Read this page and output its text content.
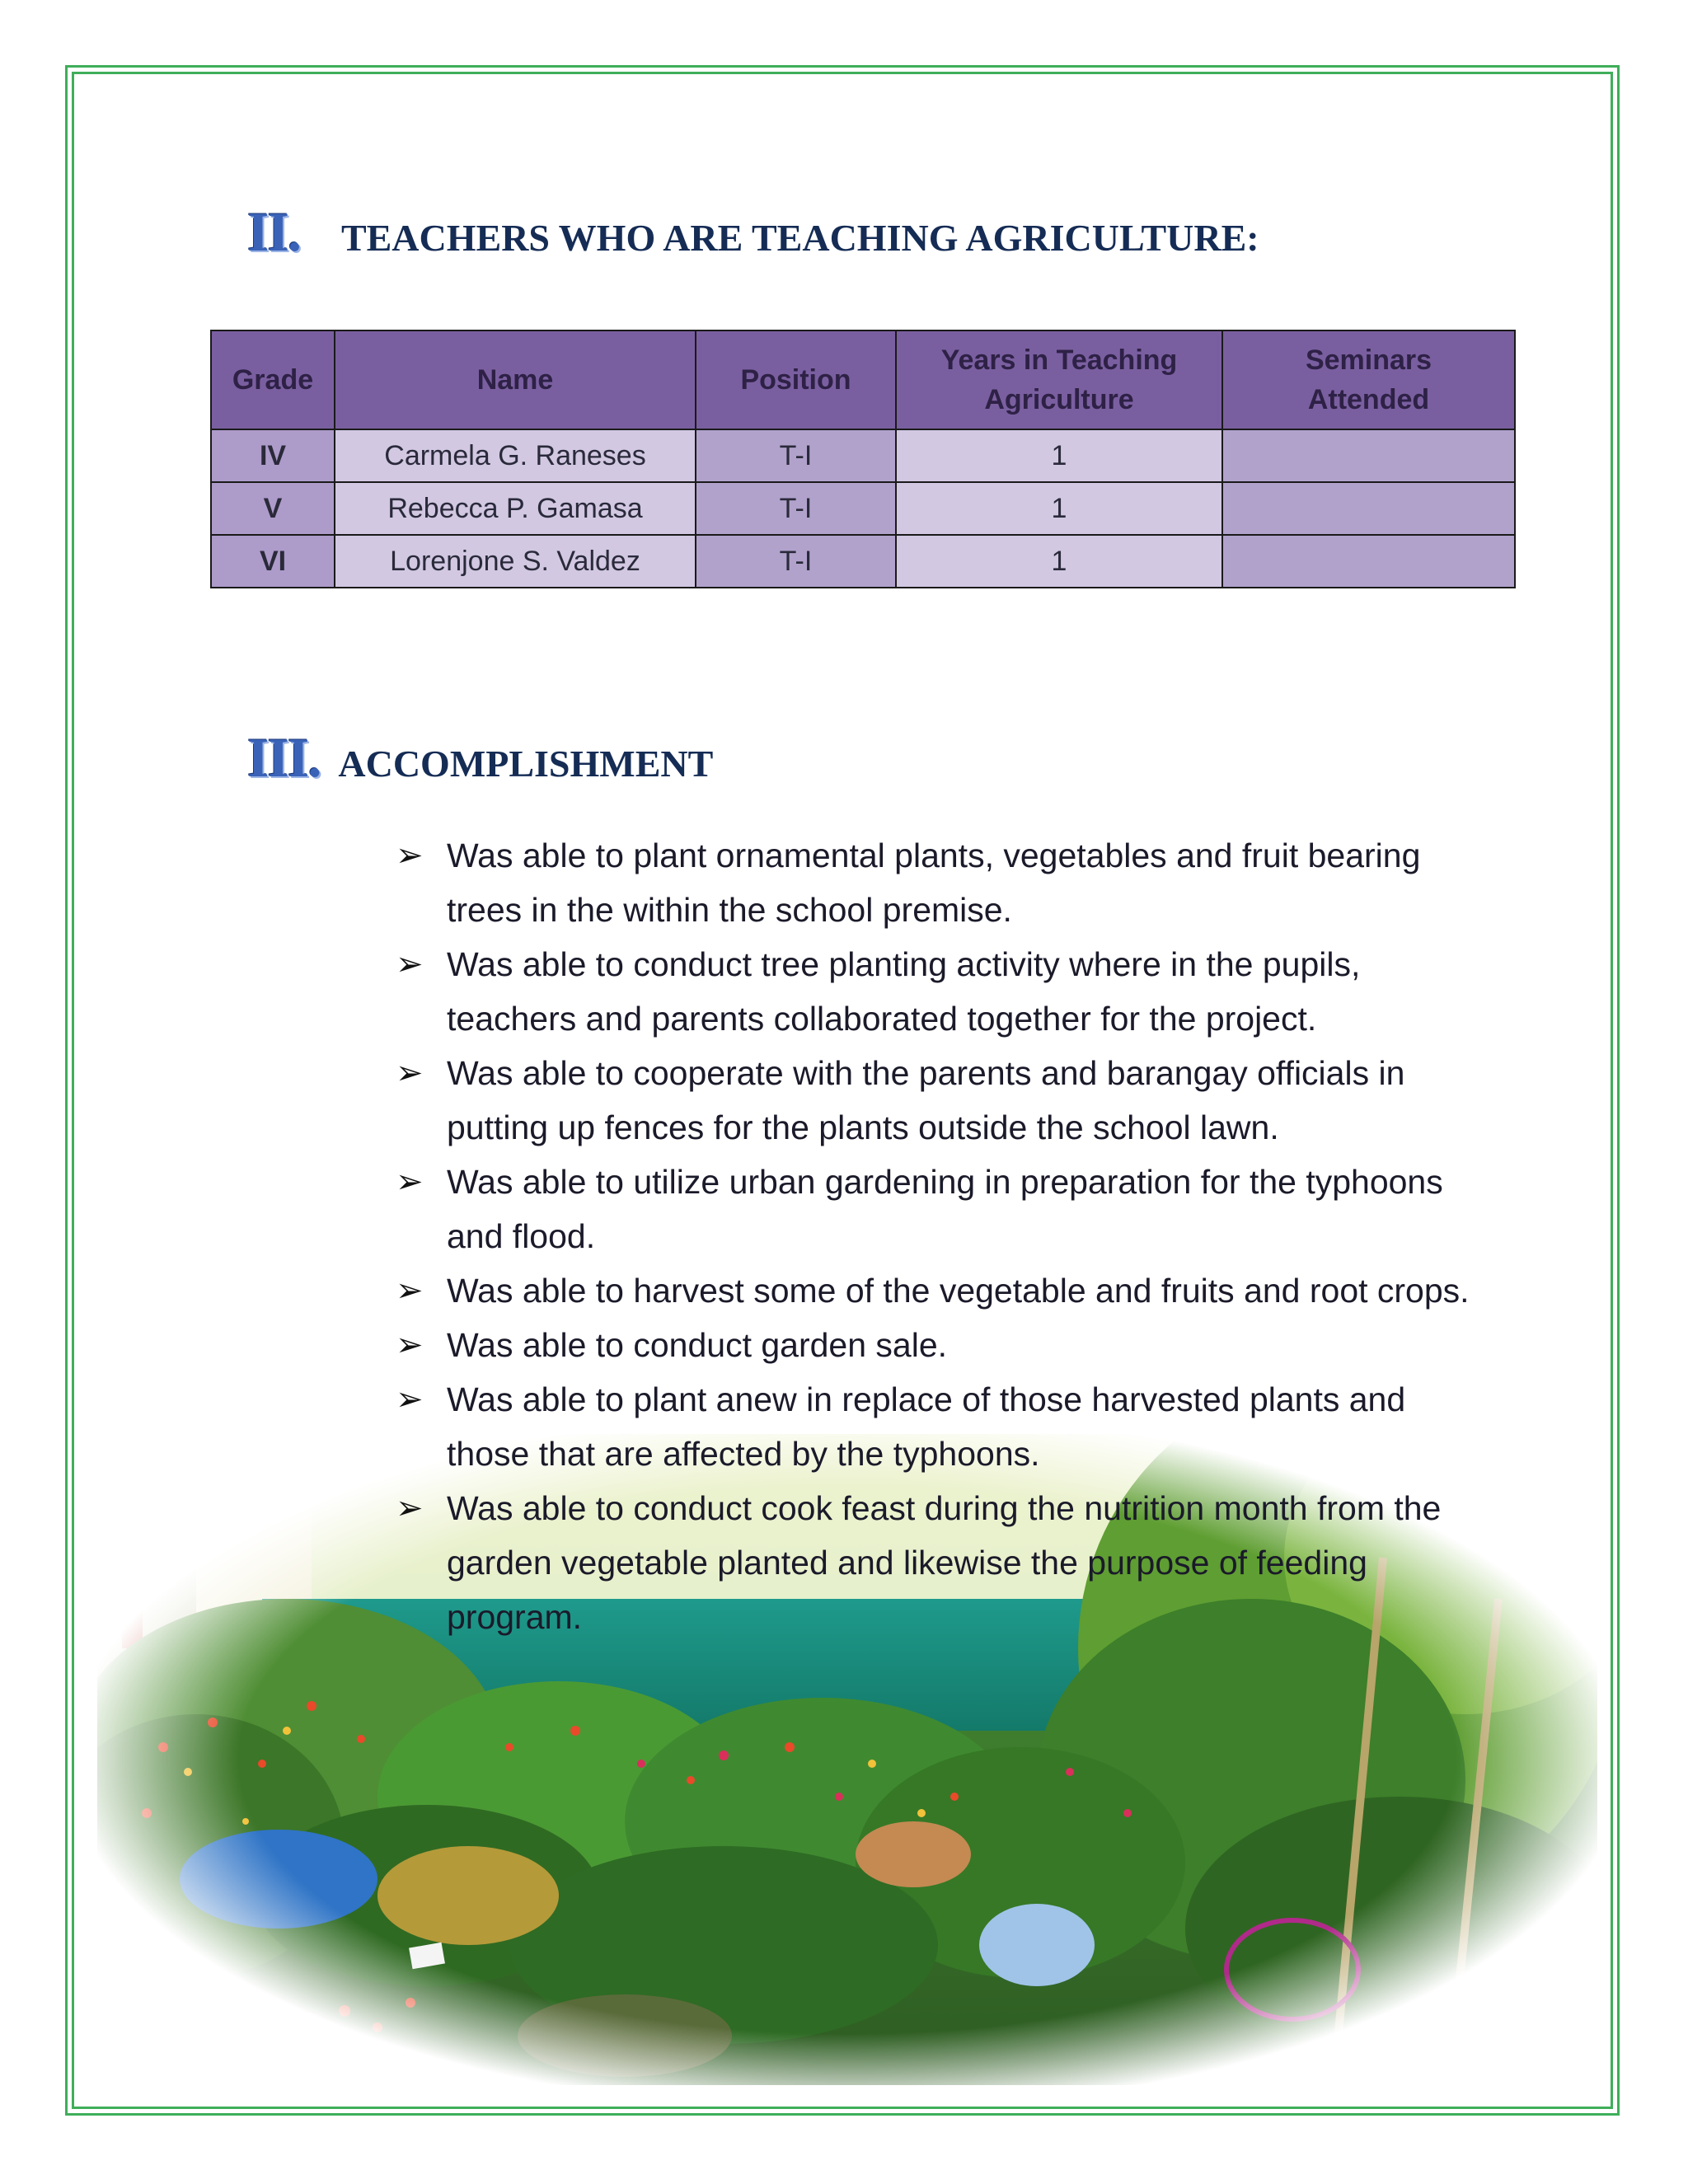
II. TEACHERS WHO ARE TEACHING AGRICULTURE:
Grade	Name	Position	Years in Teaching Agriculture	Seminars Attended
IV	Carmela G. Raneses	T-I	1	
V	Rebecca P. Gamasa	T-I	1	
VI	Lorenjone S. Valdez	T-I	1	
III. ACCOMPLISHMENT
➢ Was able to plant ornamental plants, vegetables and fruit bearing trees in the within the school premise.
➢ Was able to conduct tree planting activity where in the pupils, teachers and parents collaborated together for the project.
➢ Was able to cooperate with the parents and barangay officials in putting up fences for the plants outside the school lawn.
➢ Was able to utilize urban gardening in preparation for the typhoons and flood.
➢ Was able to harvest some of the vegetable and fruits and root crops.
➢ Was able to conduct garden sale.
➢ Was able to plant anew in replace of those harvested plants and those that are affected by the typhoons.
➢ Was able to conduct cook feast during the nutrition month from the garden vegetable planted and likewise the purpose of feeding program.
